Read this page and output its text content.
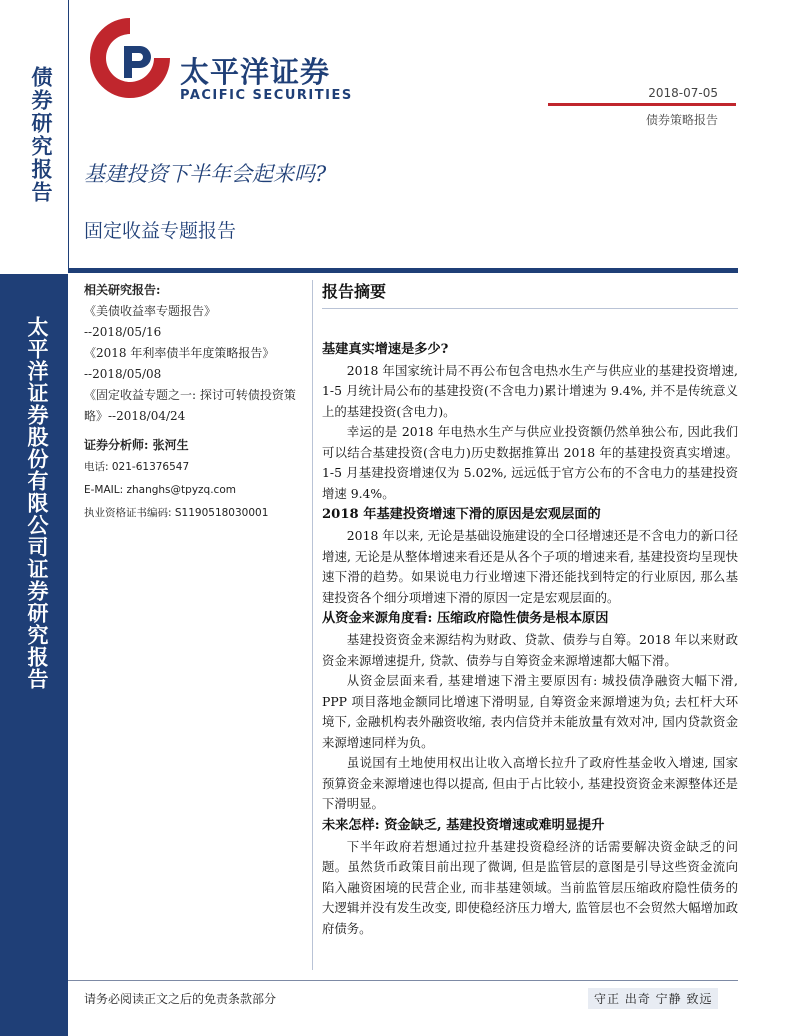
债券研究报告
太平洋证券股份有限公司证券研究报告
太平洋证券
PACIFIC SECURITIES	2018-07-05
债券策略报告
基建投资下半年会起来吗?
固定收益专题报告
相关研究报告:
《美债收益率专题报告》
--2018/05/16
《2018 年利率债半年度策略报告》
--2018/05/08
《固定收益专题之一: 探讨可转债投资策略》--2018/04/24
证券分析师: 张河生
电话: 021-61376547
E-MAIL: zhanghs@tpyzq.com
执业资格证书编码: S1190518030001
报告摘要
基建真实增速是多少?

2018 年国家统计局不再公布包含电热水生产与供应业的基建投资增速, 1-5 月统计局公布的基建投资(不含电力)累计增速为 9.4%, 并不是传统意义上的基建投资(含电力)。

幸运的是 2018 年电热水生产与供应业投资额仍然单独公布, 因此我们可以结合基建投资(含电力)历史数据推算出 2018 年的基建投资真实增速。1-5 月基建投资增速仅为 5.02%, 远远低于官方公布的不含电力的基建投资增速 9.4%。

2018 年基建投资增速下滑的原因是宏观层面的

2018 年以来, 无论是基础设施建设的全口径增速还是不含电力的新口径增速, 无论是从整体增速来看还是从各个子项的增速来看, 基建投资均呈现快速下滑的趋势。如果说电力行业增速下滑还能找到特定的行业原因, 那么基建投资各个细分项增速下滑的原因一定是宏观层面的。

从资金来源角度看: 压缩政府隐性债务是根本原因

基建投资资金来源结构为财政、贷款、债券与自筹。2018 年以来财政资金来源增速提升, 贷款、债券与自筹资金来源增速都大幅下滑。

从资金层面来看, 基建增速下滑主要原因有: 城投债净融资大幅下滑, PPP 项目落地金额同比增速下滑明显, 自筹资金来源增速为负; 去杠杆大环境下, 金融机构表外融资收缩, 表内信贷并未能放量有效对冲, 国内贷款资金来源增速同样为负。

虽说国有土地使用权出让收入高增长拉升了政府性基金收入增速, 国家预算资金来源增速也得以提高, 但由于占比较小, 基建投资资金来源整体还是下滑明显。

未来怎样: 资金缺乏, 基建投资增速或难明显提升

下半年政府若想通过拉升基建投资稳经济的话需要解决资金缺乏的问题。虽然货币政策目前出现了微调, 但是监管层的意图是引导这些资金流向陷入融资困境的民营企业, 而非基建领域。当前监管层压缩政府隐性债务的大逻辑并没有发生改变, 即使稳经济压力增大, 监管层也不会贸然大幅增加政府债务。

请务必阅读正文之后的免责条款部分	守正 出奇 宁静 致远
